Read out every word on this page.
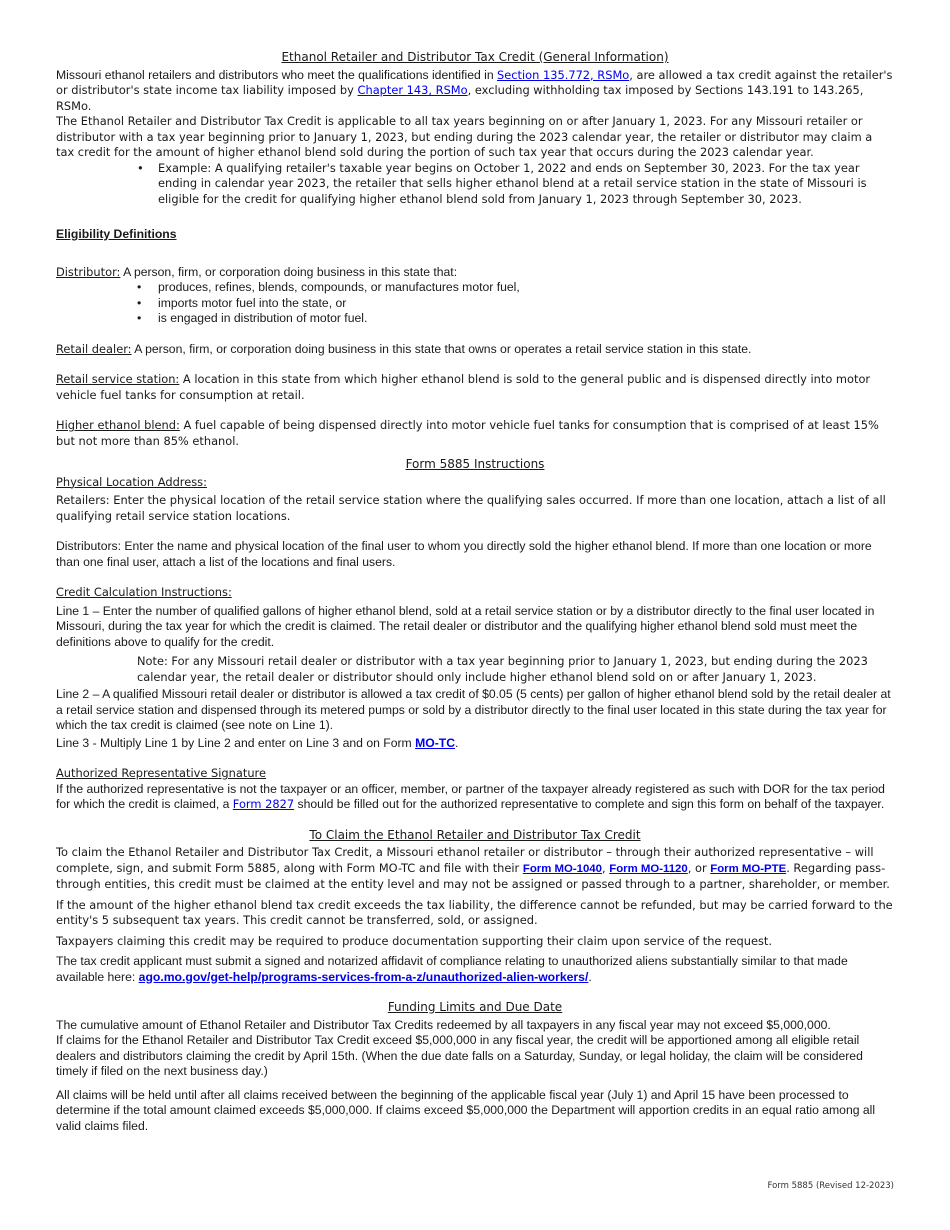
Ethanol Retailer and Distributor Tax Credit (General Information)

Missouri ethanol retailers and distributors who meet the qualifications identified in Section 135.772, RSMo, are allowed a tax credit against the retailer's or distributor's state income tax liability imposed by Chapter 143, RSMo, excluding withholding tax imposed by Sections 143.191 to 143.265, RSMo.

The Ethanol Retailer and Distributor Tax Credit is applicable to all tax years beginning on or after January 1, 2023. For any Missouri retailer or distributor with a tax year beginning prior to January 1, 2023, but ending during the 2023 calendar year, the retailer or distributor may claim a tax credit for the amount of higher ethanol blend sold during the portion of such tax year that occurs during the 2023 calendar year.

• Example: A qualifying retailer's taxable year begins on October 1, 2022 and ends on September 30, 2023. For the tax year ending in calendar year 2023, the retailer that sells higher ethanol blend at a retail service station in the state of Missouri is eligible for the credit for qualifying higher ethanol blend sold from January 1, 2023 through September 30, 2023.
Eligibility Definitions

Distributor: A person, firm, or corporation doing business in this state that:

• produces, refines, blends, compounds, or manufactures motor fuel,
• imports motor fuel into the state, or
• is engaged in distribution of motor fuel.

Retail dealer: A person, firm, or corporation doing business in this state that owns or operates a retail service station in this state.

Retail service station: A location in this state from which higher ethanol blend is sold to the general public and is dispensed directly into motor vehicle fuel tanks for consumption at retail.

Higher ethanol blend: A fuel capable of being dispensed directly into motor vehicle fuel tanks for consumption that is comprised of at least 15% but not more than 85% ethanol.

Form 5885 Instructions

Physical Location Address:

Retailers: Enter the physical location of the retail service station where the qualifying sales occurred. If more than one location, attach a list of all qualifying retail service station locations.

Distributors: Enter the name and physical location of the final user to whom you directly sold the higher ethanol blend. If more than one location or more than one final user, attach a list of the locations and final users.

Credit Calculation Instructions:

Line 1 – Enter the number of qualified gallons of higher ethanol blend, sold at a retail service station or by a distributor directly to the final user located in Missouri, during the tax year for which the credit is claimed. The retail dealer or distributor and the qualifying higher ethanol blend sold must meet the definitions above to qualify for the credit.

Note: For any Missouri retail dealer or distributor with a tax year beginning prior to January 1, 2023, but ending during the 2023 calendar year, the retail dealer or distributor should only include higher ethanol blend sold on or after January 1, 2023.

Line 2 – A qualified Missouri retail dealer or distributor is allowed a tax credit of $0.05 (5 cents) per gallon of higher ethanol blend sold by the retail dealer at a retail service station and dispensed through its metered pumps or sold by a distributor directly to the final user located in this state during the tax year for which the tax credit is claimed (see note on Line 1).

Line 3 - Multiply Line 1 by Line 2 and enter on Line 3 and on Form MO-TC.

Authorized Representative Signature

If the authorized representative is not the taxpayer or an officer, member, or partner of the taxpayer already registered as such with DOR for the tax period for which the credit is claimed, a Form 2827 should be filled out for the authorized representative to complete and sign this form on behalf of the taxpayer.

To Claim the Ethanol Retailer and Distributor Tax Credit

To claim the Ethanol Retailer and Distributor Tax Credit, a Missouri ethanol retailer or distributor – through their authorized representative – will complete, sign, and submit Form 5885, along with Form MO-TC and file with their Form MO-1040, Form MO-1120, or Form MO-PTE. Regarding pass-through entities, this credit must be claimed at the entity level and may not be assigned or passed through to a partner, shareholder, or member.

If the amount of the higher ethanol blend tax credit exceeds the tax liability, the difference cannot be refunded, but may be carried forward to the entity's 5 subsequent tax years. This credit cannot be transferred, sold, or assigned.

Taxpayers claiming this credit may be required to produce documentation supporting their claim upon service of the request.

The tax credit applicant must submit a signed and notarized affidavit of compliance relating to unauthorized aliens substantially similar to that made available here: ago.mo.gov/get-help/programs-services-from-a-z/unauthorized-alien-workers/.

Funding Limits and Due Date

The cumulative amount of Ethanol Retailer and Distributor Tax Credits redeemed by all taxpayers in any fiscal year may not exceed $5,000,000.

If claims for the Ethanol Retailer and Distributor Tax Credit exceed $5,000,000 in any fiscal year, the credit will be apportioned among all eligible retail dealers and distributors claiming the credit by April 15th. (When the due date falls on a Saturday, Sunday, or legal holiday, the claim will be considered timely if filed on the next business day.)

All claims will be held until after all claims received between the beginning of the applicable fiscal year (July 1) and April 15 have been processed to determine if the total amount claimed exceeds $5,000,000. If claims exceed $5,000,000 the Department will apportion credits in an equal ratio among all valid claims filed.

Form 5885 (Revised 12-2023)
